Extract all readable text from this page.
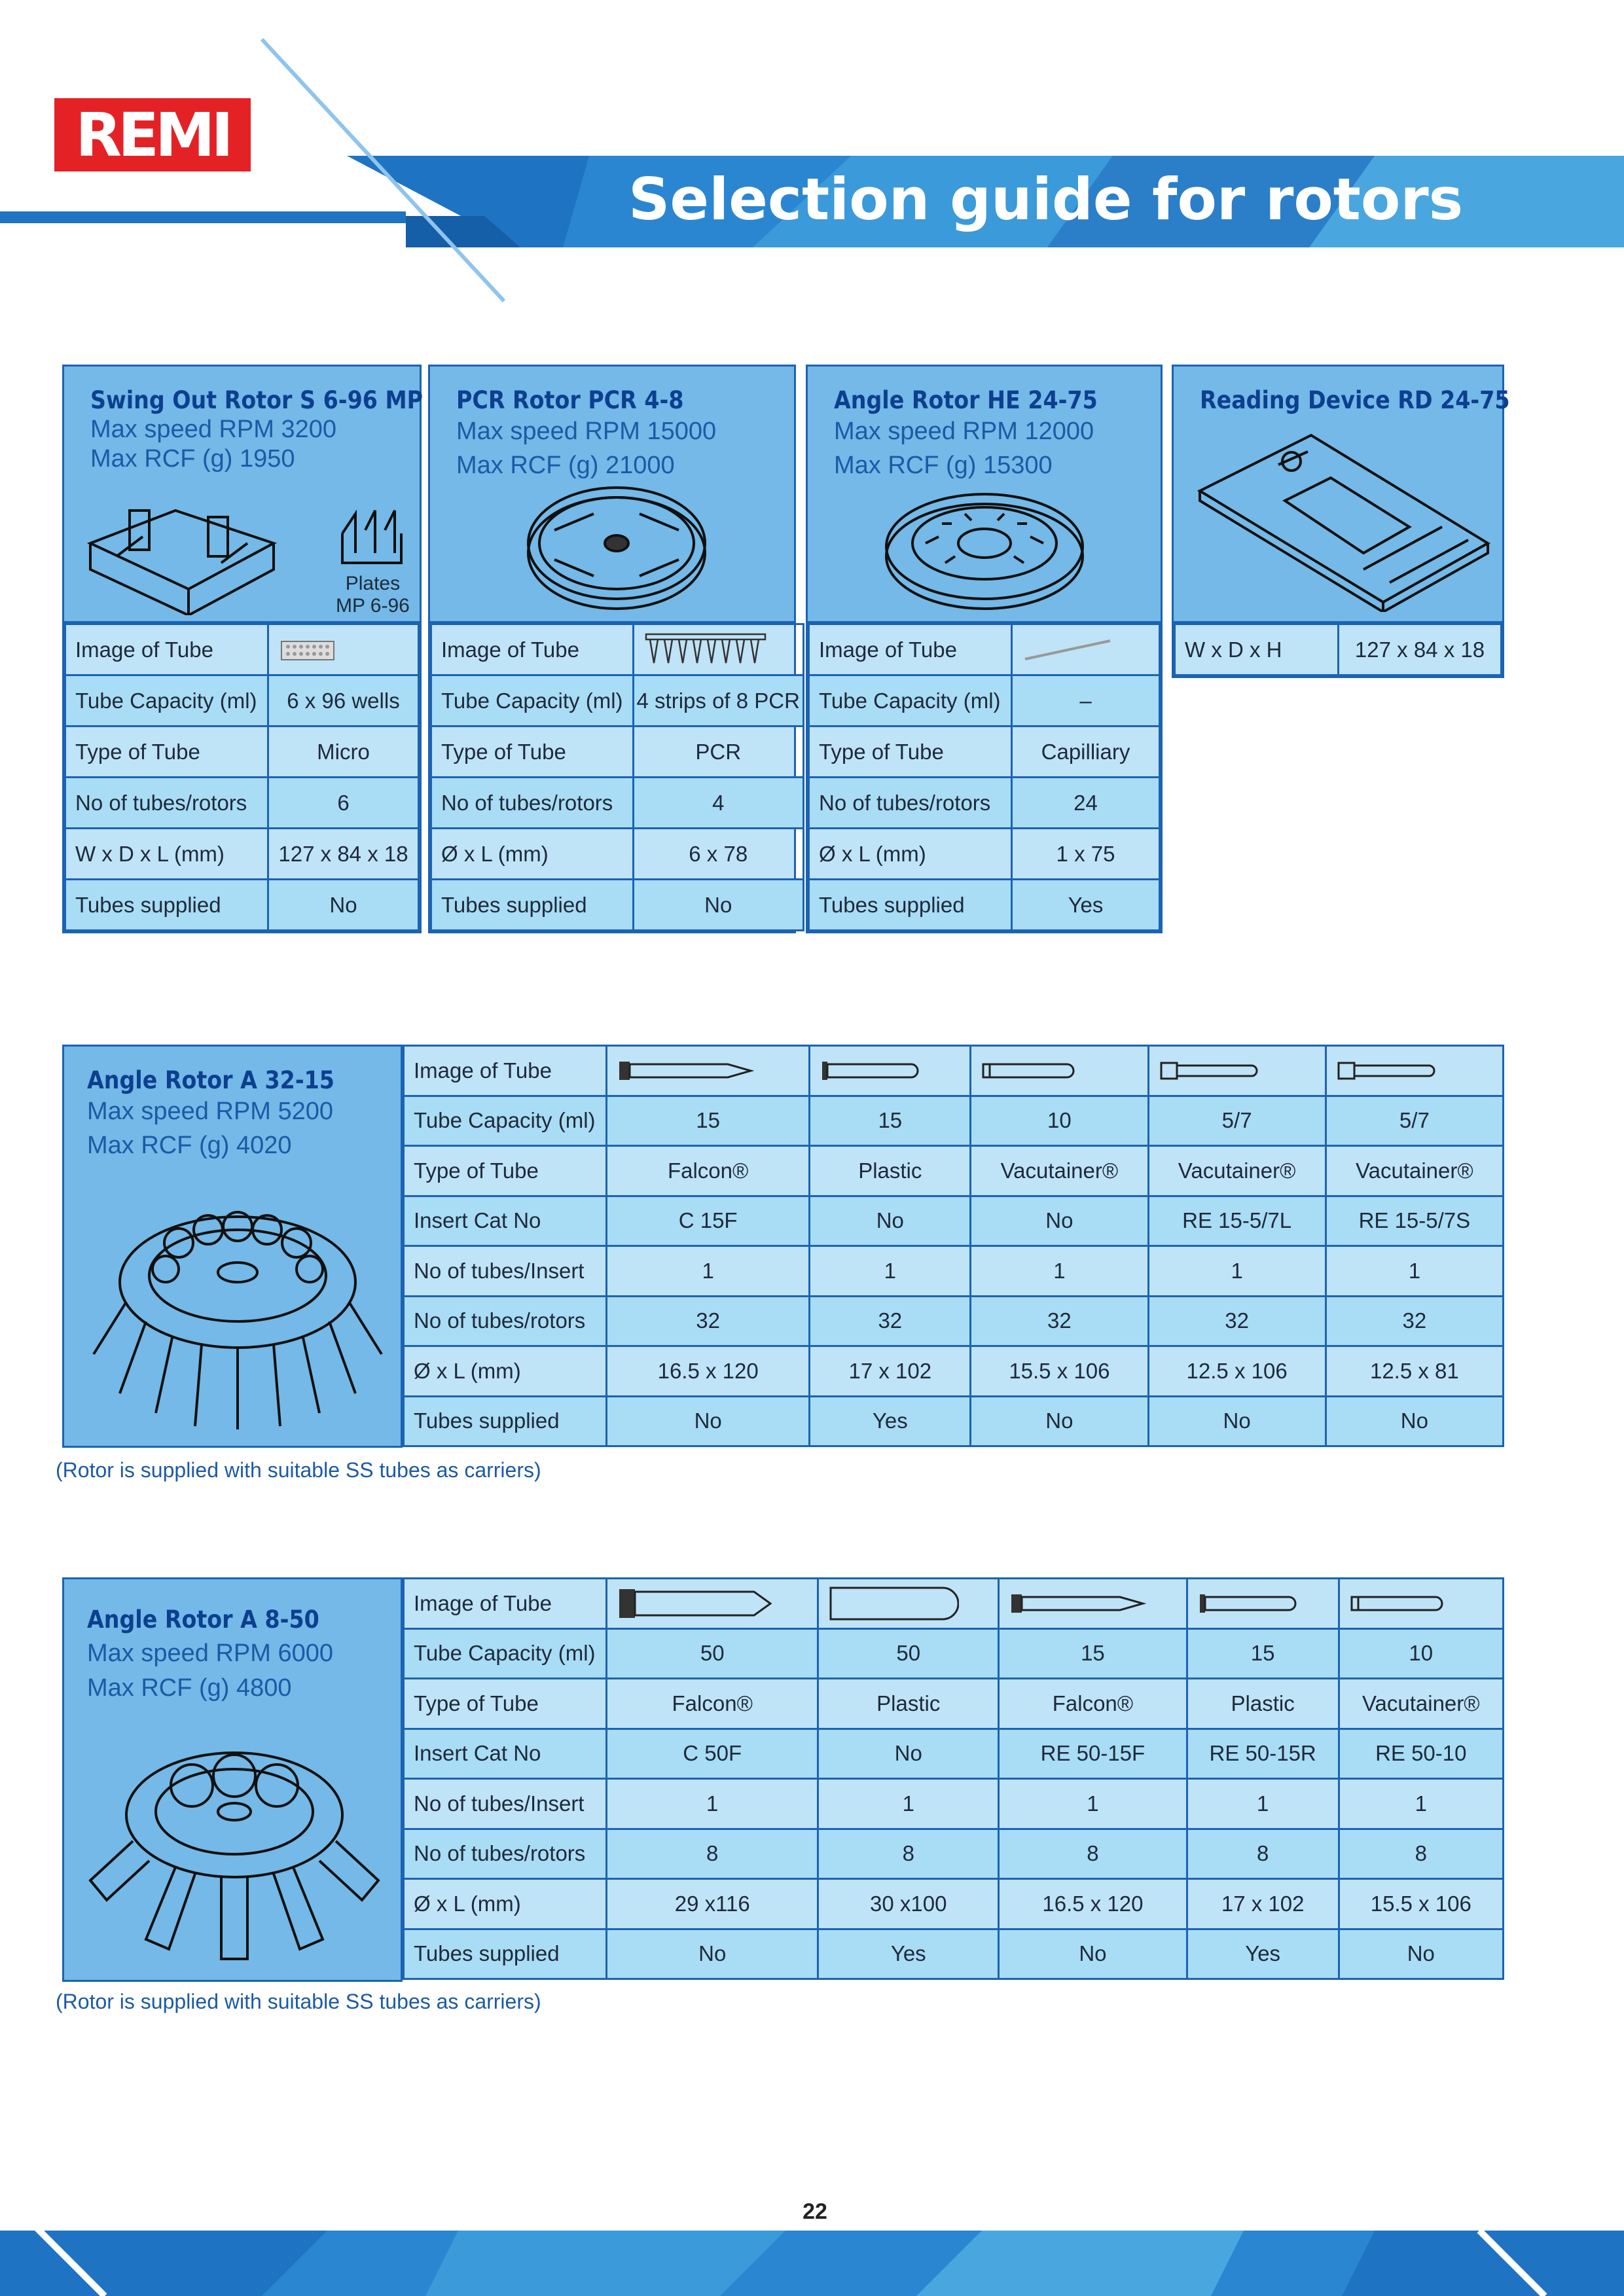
REMI
Selection guide for rotors
Swing Out Rotor S 6-96 MP
Max speed RPM 3200
Max RCF (g) 1950
Plates
MP 6-96
Image of Tube	

Tube Capacity (ml)	6 x 96 wells
Type of Tube	Micro
No of tubes/rotors	6
W x D x L (mm)	127 x 84 x 18
Tubes supplied	No
PCR Rotor PCR 4-8
Max speed RPM 15000
Max RCF (g) 21000
Image of Tube	

Tube Capacity (ml)	4 strips of 8 PCR
Type of Tube	PCR
No of tubes/rotors	4
Ø x L (mm)	6 x 78
Tubes supplied	No
Angle Rotor HE 24-75
Max speed RPM 12000
Max RCF (g) 15300
Image of Tube	

Tube Capacity (ml)	–
Type of Tube	Capilliary
No of tubes/rotors	24
Ø x L (mm)	1 x 75
Tubes supplied	Yes
Reading Device RD 24-75
W x D x H	127 x 84 x 18
Angle Rotor A 32-15
Max speed RPM 5200
Max RCF (g) 4020
Image of Tube	

Tube Capacity (ml)	15	15	10	5/7	5/7
Type of Tube	Falcon®	Plastic	Vacutainer®	Vacutainer®	Vacutainer®
Insert Cat No	C 15F	No	No	RE 15-5/7L	RE 15-5/7S
No of tubes/Insert	1	1	1	1	1
No of tubes/rotors	32	32	32	32	32
Ø x L (mm)	16.5 x 120	17 x 102	15.5 x 106	12.5 x 106	12.5 x 81
Tubes supplied	No	Yes	No	No	No
(Rotor is supplied with suitable SS tubes as carriers)
Angle Rotor A 8-50
Max speed RPM 6000
Max RCF (g) 4800
Image of Tube	

Tube Capacity (ml)	50	50	15	15	10
Type of Tube	Falcon®	Plastic	Falcon®	Plastic	Vacutainer®
Insert Cat No	C 50F	No	RE 50-15F	RE 50-15R	RE 50-10
No of tubes/Insert	1	1	1	1	1
No of tubes/rotors	8	8	8	8	8
Ø x L (mm)	29 x116	30 x100	16.5 x 120	17 x 102	15.5 x 106
Tubes supplied	No	Yes	No	Yes	No
(Rotor is supplied with suitable SS tubes as carriers)
22
